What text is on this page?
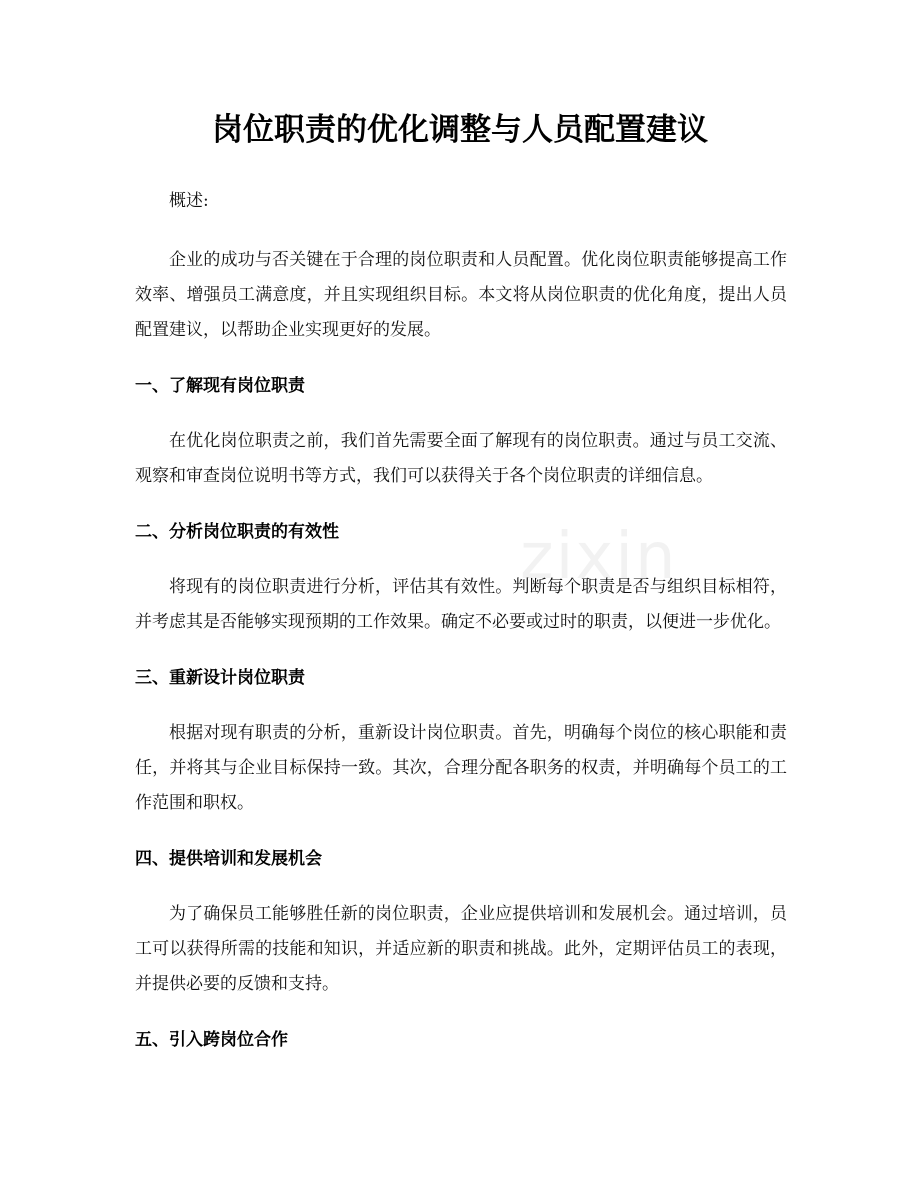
zixin
岗位职责的优化调整与人员配置建议

概述:

企业的成功与否关键在于合理的岗位职责和人员配置。优化岗位职责能够提高工作效率、增强员工满意度，并且实现组织目标。本文将从岗位职责的优化角度，提出人员配置建议，以帮助企业实现更好的发展。

一、了解现有岗位职责

在优化岗位职责之前，我们首先需要全面了解现有的岗位职责。通过与员工交流、观察和审查岗位说明书等方式，我们可以获得关于各个岗位职责的详细信息。

二、分析岗位职责的有效性

将现有的岗位职责进行分析，评估其有效性。判断每个职责是否与组织目标相符，并考虑其是否能够实现预期的工作效果。确定不必要或过时的职责，以便进一步优化。

三、重新设计岗位职责

根据对现有职责的分析，重新设计岗位职责。首先，明确每个岗位的核心职能和责任，并将其与企业目标保持一致。其次，合理分配各职务的权责，并明确每个员工的工作范围和职权。

四、提供培训和发展机会

为了确保员工能够胜任新的岗位职责，企业应提供培训和发展机会。通过培训，员工可以获得所需的技能和知识，并适应新的职责和挑战。此外，定期评估员工的表现，并提供必要的反馈和支持。

五、引入跨岗位合作
